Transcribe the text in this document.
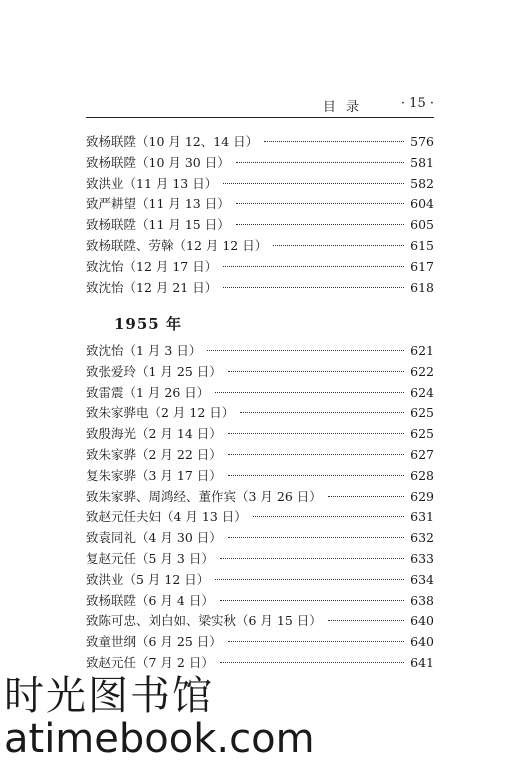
目 录	· 15 ·
致杨联陞（10 月 12、14 日）	576
致杨联陞（10 月 30 日）	581
致洪业（11 月 13 日）	582
致严耕望（11 月 13 日）	604
致杨联陞（11 月 15 日）	605
致杨联陞、劳榦（12 月 12 日）	615
致沈怡（12 月 17 日）	617
致沈怡（12 月 21 日）	618
1955 年
致沈怡（1 月 3 日）	621
致张爱玲（1 月 25 日）	622
致雷震（1 月 26 日）	624
致朱家骅电（2 月 12 日）	625
致殷海光（2 月 14 日）	625
致朱家骅（2 月 22 日）	627
复朱家骅（3 月 17 日）	628
致朱家骅、周鸿经、董作宾（3 月 26 日）	629
致赵元任夫妇（4 月 13 日）	631
致袁同礼（4 月 30 日）	632
复赵元任（5 月 3 日）	633
致洪业（5 月 12 日）	634
致杨联陞（6 月 4 日）	638
致陈可忠、刘白如、梁实秋（6 月 15 日）	640
致童世纲（6 月 25 日）	640
致赵元任（7 月 2 日）	641
时光图书馆
atimebook.com
